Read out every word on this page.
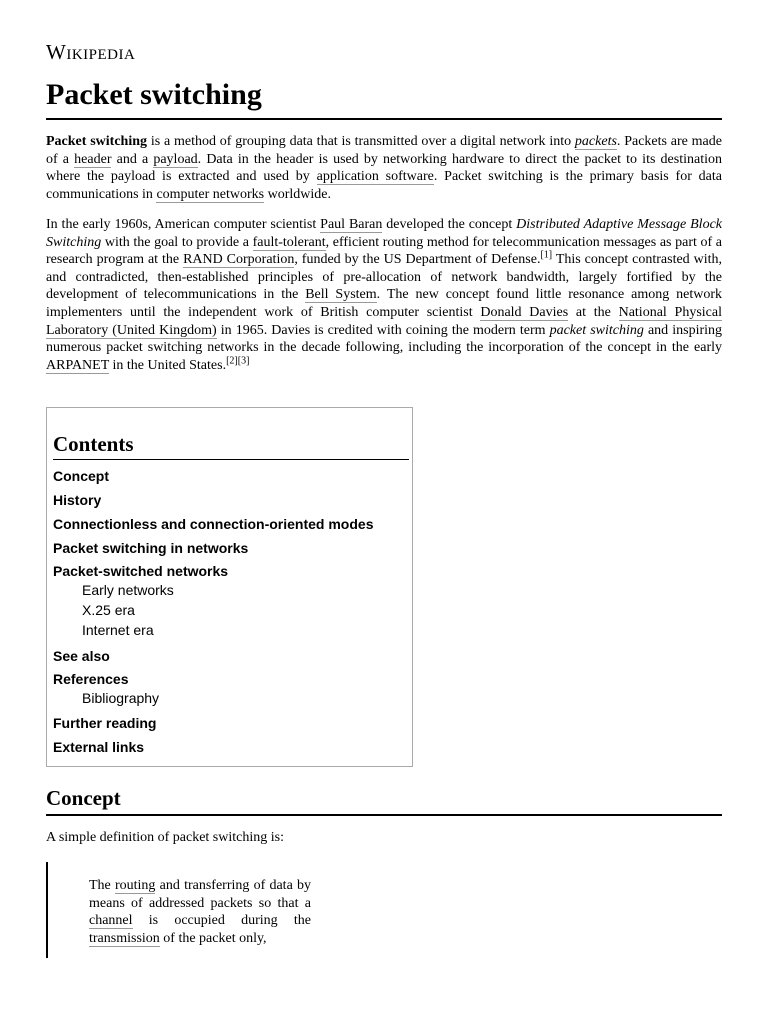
Wikipedia
Packet switching

Packet switching is a method of grouping data that is transmitted over a digital network into packets. Packets are made of a header and a payload. Data in the header is used by networking hardware to direct the packet to its destination where the payload is extracted and used by application software. Packet switching is the primary basis for data communications in computer networks worldwide.

In the early 1960s, American computer scientist Paul Baran developed the concept Distributed Adaptive Message Block Switching with the goal to provide a fault-tolerant, efficient routing method for telecommunication messages as part of a research program at the RAND Corporation, funded by the US Department of Defense.[1] This concept contrasted with, and contradicted, then-established principles of pre-allocation of network bandwidth, largely fortified by the development of telecommunications in the Bell System. The new concept found little resonance among network implementers until the independent work of British computer scientist Donald Davies at the National Physical Laboratory (United Kingdom) in 1965. Davies is credited with coining the modern term packet switching and inspiring numerous packet switching networks in the decade following, including the incorporation of the concept in the early ARPANET in the United States.[2][3]

Contents
Concept
History
Connectionless and connection-oriented modes
Packet switching in networks
Packet-switched networks
Early networks
X.25 era
Internet era
See also
References
Bibliography
Further reading
External links
Concept
A simple definition of packet switching is:

The routing and transferring of data by means of addressed packets so that a channel is occupied during the transmission of the packet only,
